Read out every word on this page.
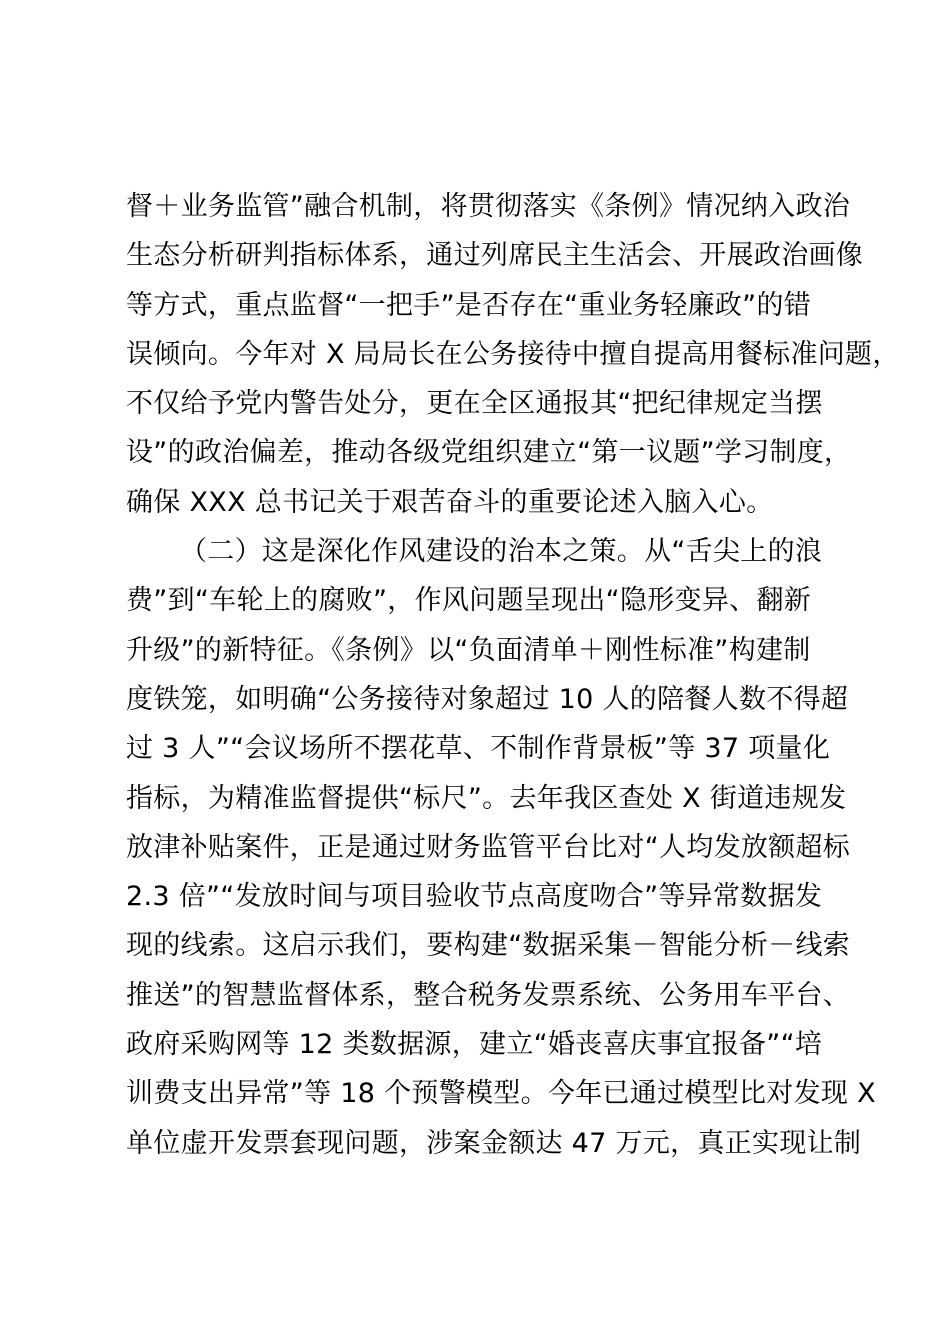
督＋业务监管”融合机制，将贯彻落实《条例》情况纳入政治
生态分析研判指标体系，通过列席民主生活会、开展政治画像
等方式，重点监督“一把手”是否存在“重业务轻廉政”的错
误倾向。今年对 X 局局长在公务接待中擅自提高用餐标准问题，
不仅给予党内警告处分，更在全区通报其“把纪律规定当摆
设”的政治偏差，推动各级党组织建立“第一议题”学习制度，
确保 XXX 总书记关于艰苦奋斗的重要论述入脑入心。
（二）这是深化作风建设的治本之策。从“舌尖上的浪
费”到“车轮上的腐败”，作风问题呈现出“隐形变异、翻新
升级”的新特征。《条例》以“负面清单＋刚性标准”构建制
度铁笼，如明确“公务接待对象超过 10 人的陪餐人数不得超
过 3 人”“会议场所不摆花草、不制作背景板”等 37 项量化
指标，为精准监督提供“标尺”。去年我区查处 X 街道违规发
放津补贴案件，正是通过财务监管平台比对“人均发放额超标
2.3 倍”“发放时间与项目验收节点高度吻合”等异常数据发
现的线索。这启示我们，要构建“数据采集－智能分析－线索
推送”的智慧监督体系，整合税务发票系统、公务用车平台、
政府采购网等 12 类数据源，建立“婚丧喜庆事宜报备”“培
训费支出异常”等 18 个预警模型。今年已通过模型比对发现 X
单位虚开发票套现问题，涉案金额达 47 万元，真正实现让制
